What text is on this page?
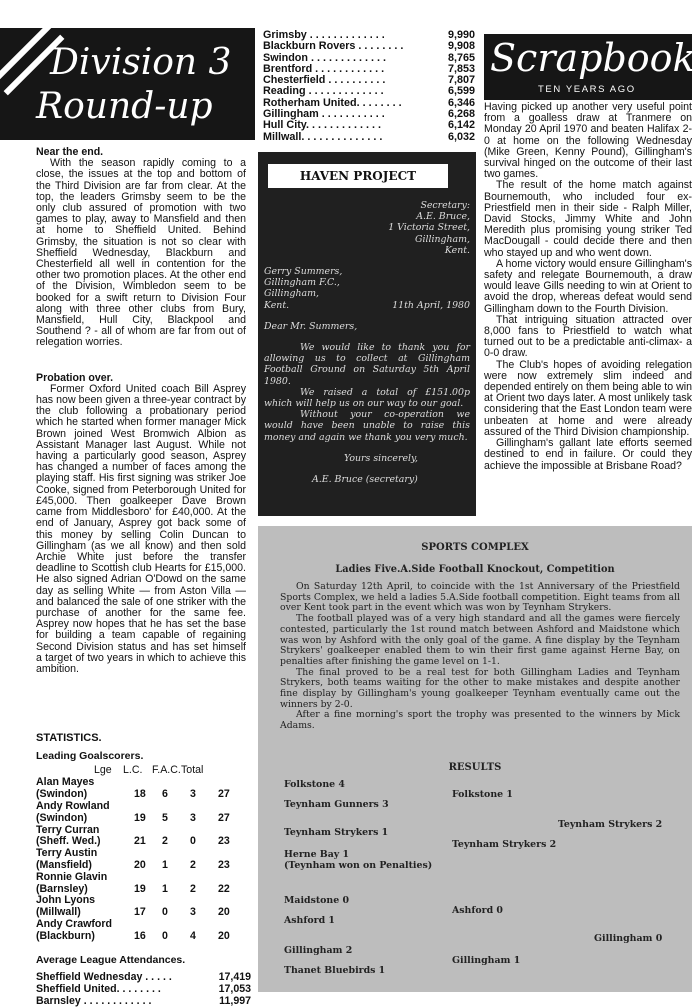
Division 3
Round-up
Near the end.

With the season rapidly coming to a close, the issues at the top and bottom of the Third Division are far from clear. At the top, the leaders Grimsby seem to be the only club assured of promotion with two games to play, away to Mansfield and then at home to Sheffield United. Behind Grimsby, the situation is not so clear with Sheffield Wednesday, Blackburn and Chesterfield all well in contention for the other two promotion places. At the other end of the Division, Wimbledon seem to be booked for a swift return to Division Four along with three other clubs from Bury, Mansfield, Hull City, Blackpool and Southend ? - all of whom are far from out of relegation worries.

Probation over.

Former Oxford United coach Bill Asprey has now been given a three-year contract by the club following a probationary period which he started when former manager Mick Brown joined West Bromwich Albion as Assistant Manager last August. While not having a particularly good season, Asprey has changed a number of faces among the playing staff. His first signing was striker Joe Cooke, signed from Peterborough United for £45,000. Then goalkeeper Dave Brown came from Middlesboro' for £40,000. At the end of January, Asprey got back some of this money by selling Colin Duncan to Gillingham (as we all know) and then sold Archie White just before the transfer deadline to Scottish club Hearts for £15,000. He also signed Adrian O'Dowd on the same day as selling White — from Aston Villa — and balanced the sale of one striker with the purchase of another for the same fee. Asprey now hopes that he has set the base for building a team capable of regaining Second Division status and has set himself a target of two years in which to achieve this ambition.

STATISTICS.
Leading Goalscorers.
Lge	L.C. F.A.C. Total
Alan Mayes
(Swindon)	18	6	3	27
Andy Rowland
(Swindon)	19	5	3	27
Terry Curran
(Sheff. Wed.)	21	2	0	23
Terry Austin
(Mansfield)	20	1	2	23
Ronnie Glavin
(Barnsley)	19	1	2	22
John Lyons
(Millwall)	17	0	3	20
Andy Crawford
(Blackburn)	16	0	4	20
Average League Attendances.
Sheffield Wednesday . . . . .	17,419
Sheffield United. . . . . . . .	17,053
Barnsley . . . . . . . . . . . .	11,997
Grimsby . . . . . . . . . . . . .	9,990
Blackburn Rovers . . . . . . . .	9,908
Swindon . . . . . . . . . . . . .	8,765
Brentford . . . . . . . . . . . .	7,853
Chesterfield . . . . . . . . . .	7,807
Reading . . . . . . . . . . . . .	6,599
Rotherham United. . . . . . . .	6,346
Gillingham . . . . . . . . . . .	6,268
Hull City. . . . . . . . . . . . .	6,142
Millwall. . . . . . . . . . . . . .	6,032
HAVEN PROJECT
Secretary:
A.E. Bruce,
1 Victoria Street,
Gillingham,
Kent.
Gerry Summers,
Gillingham F.C.,
Gillingham,
Kent.	11th April, 1980
Dear Mr. Summers,

We would like to thank you for allowing us to collect at Gillingham Football Ground on Saturday 5th April 1980.

We raised a total of £151.00p which will help us on our way to our goal.

Without your co-operation we would have been unable to raise this money and again we thank you very much.

Yours sincerely,
A.E. Bruce (secretary)
Scrapbook
TEN YEARS AGO

Having picked up another very useful point from a goalless draw at Tranmere on Monday 20 April 1970 and beaten Halifax 2-0 at home on the following Wednesday (Mike Green, Kenny Pound), Gillingham's survival hinged on the outcome of their last two games.

The result of the home match against Bournemouth, who included four ex-Priestfield men in their side - Ralph Miller, David Stocks, Jimmy White and John Meredith plus promising young striker Ted MacDougall - could decide there and then who stayed up and who went down.

A home victory would ensure Gillingham's safety and relegate Bournemouth, a draw would leave Gills needing to win at Orient to avoid the drop, whereas defeat would send Gillingham down to the Fourth Division.

That intriguing situation attracted over 8,000 fans to Priestfield to watch what turned out to be a predictable anti-climax- a 0-0 draw.

The Club's hopes of avoiding relegation were now extremely slim indeed and depended entirely on them being able to win at Orient two days later. A most unlikely task considering that the East London team were unbeaten at home and were already assured of the Third Division championship.

Gillingham's gallant late efforts seemed destined to end in failure. Or could they achieve the impossible at Brisbane Road?

SPORTS COMPLEX
Ladies Five.A.Side Football Knockout, Competition

On Saturday 12th April, to coincide with the 1st Anniversary of the Priestfield Sports Complex, we held a ladies 5.A.Side football competition. Eight teams from all over Kent took part in the event which was won by Teynham Strykers.

The football played was of a very high standard and all the games were fiercely contested, particularly the 1st round match between Ashford and Maidstone which was won by Ashford with the only goal of the game. A fine display by the Teynham Strykers' goalkeeper enabled them to win their first game against Herne Bay, on penalties after finishing the game level on 1-1.

The final proved to be a real test for both Gillingham Ladies and Teynham Strykers, both teams waiting for the other to make mistakes and despite another fine display by Gillingham's young goalkeeper Teynham eventually came out the winners by 2-0.

After a fine morning's sport the trophy was presented to the winners by Mick Adams.

RESULTS
Folkstone 4
Teynham Gunners 3
Teynham Strykers 1
Herne Bay 1
(Teynham won on Penalties)
Maidstone 0
Ashford 1
Gillingham 2
Thanet Bluebirds 1
Folkstone 1
Teynham Strykers 2
Ashford 0
Gillingham 1
Teynham Strykers 2
Gillingham 0
